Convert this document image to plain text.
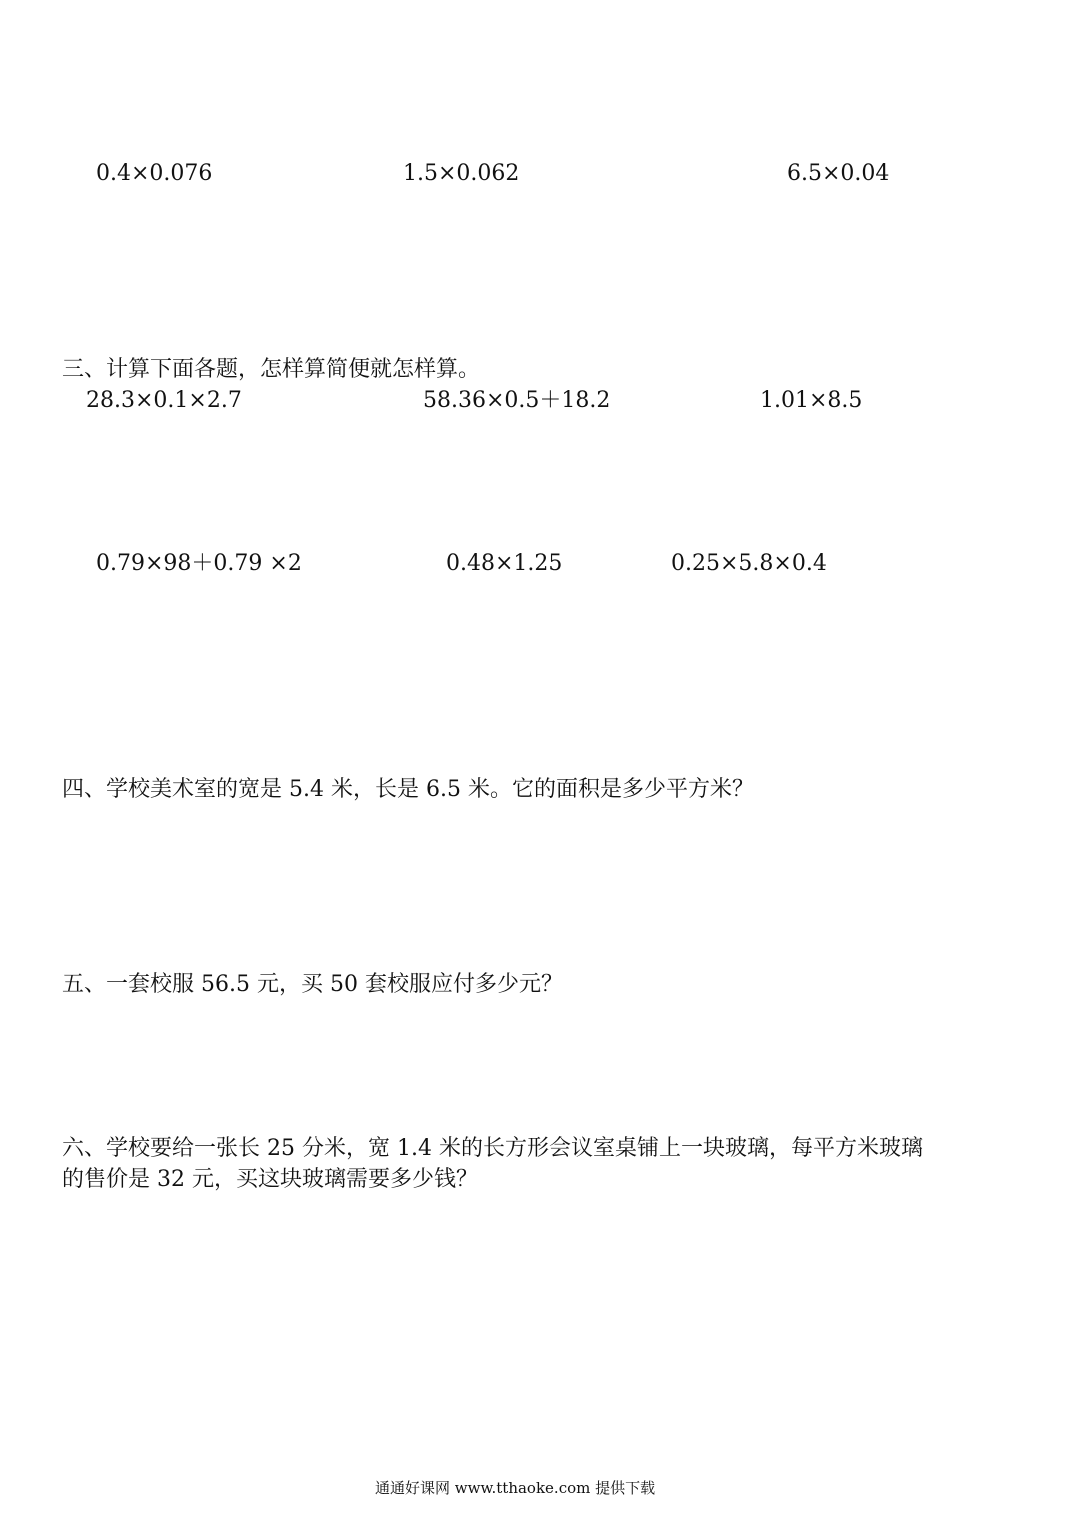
0.4×0.076	1.5×0.062	6.5×0.04
三、计算下面各题，怎样算简便就怎样算。
28.3×0.1×2.7	58.36×0.5＋18.2	1.01×8.5
0.79×98＋0.79 ×2	0.48×1.25	0.25×5.8×0.4
四、学校美术室的宽是 5.4 米，长是 6.5 米。它的面积是多少平方米？
五、一套校服 56.5 元，买 50 套校服应付多少元？
六、学校要给一张长 25 分米，宽 1.4 米的长方形会议室桌铺上一块玻璃，每平方米玻璃
的售价是 32 元，买这块玻璃需要多少钱？
通通好课网 www.tthaoke.com 提供下载
